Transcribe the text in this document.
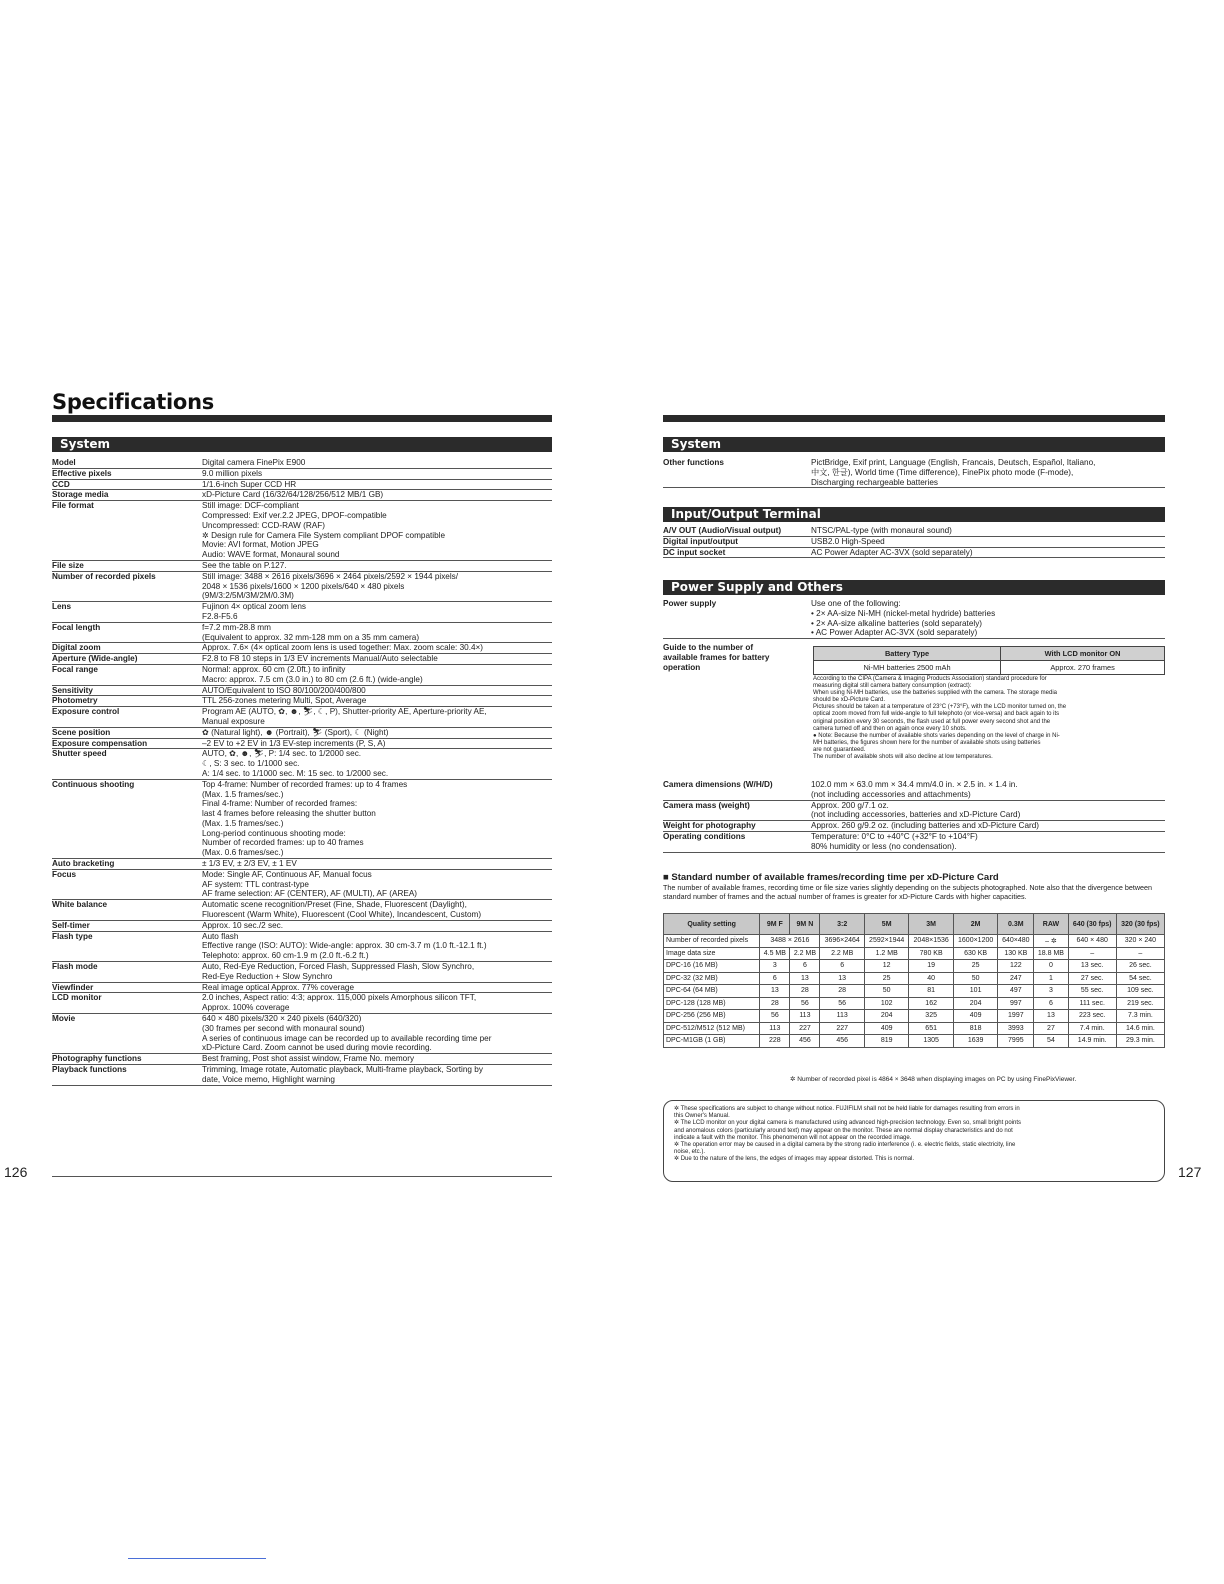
Specifications
System
Model	Digital camera FinePix E900
Effective pixels	9.0 million pixels
CCD	1/1.6-inch Super CCD HR
Storage media	xD-Picture Card (16/32/64/128/256/512 MB/1 GB)
File format	Still image: DCF-compliant
Compressed: Exif ver.2.2 JPEG, DPOF-compatible
Uncompressed: CCD-RAW (RAF)
✲ Design rule for Camera File System compliant DPOF compatible
Movie: AVI format, Motion JPEG
Audio: WAVE format, Monaural sound
File size	See the table on P.127.
Number of recorded pixels	Still image: 3488 × 2616 pixels/3696 × 2464 pixels/2592 × 1944 pixels/
2048 × 1536 pixels/1600 × 1200 pixels/640 × 480 pixels
(9M/3:2/5M/3M/2M/0.3M)
Lens	Fujinon 4× optical zoom lens
F2.8-F5.6
Focal length	f=7.2 mm-28.8 mm
(Equivalent to approx. 32 mm-128 mm on a 35 mm camera)
Digital zoom	Approx. 7.6× (4× optical zoom lens is used together: Max. zoom scale: 30.4×)
Aperture (Wide-angle)	F2.8 to F8 10 steps in 1/3 EV increments Manual/Auto selectable
Focal range	Normal: approx. 60 cm (2.0ft.) to infinity
Macro: approx. 7.5 cm (3.0 in.) to 80 cm (2.6 ft.) (wide-angle)
Sensitivity	AUTO/Equivalent to ISO 80/100/200/400/800
Photometry	TTL 256-zones metering Multi, Spot, Average
Exposure control	Program AE (AUTO, ✿, ☻, ⛷, ☾, P), Shutter-priority AE, Aperture-priority AE,
Manual exposure
Scene position	✿ (Natural light), ☻ (Portrait), ⛷ (Sport), ☾ (Night)
Exposure compensation	–2 EV to +2 EV in 1/3 EV-step increments (P, S, A)
Shutter speed	AUTO, ✿, ☻, ⛷, P: 1/4 sec. to 1/2000 sec.
☾, S: 3 sec. to 1/1000 sec.
A: 1/4 sec. to 1/1000 sec. M: 15 sec. to 1/2000 sec.
Continuous shooting	Top 4-frame: Number of recorded frames: up to 4 frames
(Max. 1.5 frames/sec.)
Final 4-frame: Number of recorded frames:
last 4 frames before releasing the shutter button
(Max. 1.5 frames/sec.)
Long-period continuous shooting mode:
Number of recorded frames: up to 40 frames
(Max. 0.6 frames/sec.)
Auto bracketing	± 1/3 EV, ± 2/3 EV, ± 1 EV
Focus	Mode: Single AF, Continuous AF, Manual focus
AF system: TTL contrast-type
AF frame selection: AF (CENTER), AF (MULTI), AF (AREA)
White balance	Automatic scene recognition/Preset (Fine, Shade, Fluorescent (Daylight),
Fluorescent (Warm White), Fluorescent (Cool White), Incandescent, Custom)
Self-timer	Approx. 10 sec./2 sec.
Flash type	Auto flash
Effective range (ISO: AUTO): Wide-angle: approx. 30 cm-3.7 m (1.0 ft.-12.1 ft.)
Telephoto: approx. 60 cm-1.9 m (2.0 ft.-6.2 ft.)
Flash mode	Auto, Red-Eye Reduction, Forced Flash, Suppressed Flash, Slow Synchro,
Red-Eye Reduction + Slow Synchro
Viewfinder	Real image optical Approx. 77% coverage
LCD monitor	2.0 inches, Aspect ratio: 4:3; approx. 115,000 pixels Amorphous silicon TFT,
Approx. 100% coverage
Movie	640 × 480 pixels/320 × 240 pixels (640/320)
(30 frames per second with monaural sound)
A series of continuous image can be recorded up to available recording time per
xD-Picture Card. Zoom cannot be used during movie recording.
Photography functions	Best framing, Post shot assist window, Frame No. memory
Playback functions	Trimming, Image rotate, Automatic playback, Multi-frame playback, Sorting by
date, Voice memo, Highlight warning
126
System
Other functions	PictBridge, Exif print, Language (English, Francais, Deutsch, Español, Italiano,
中文, 한글), World time (Time difference), FinePix photo mode (F-mode),
Discharging rechargeable batteries
Input/Output Terminal
A/V OUT (Audio/Visual output)	NTSC/PAL-type (with monaural sound)
Digital input/output	USB2.0 High-Speed
DC input socket	AC Power Adapter AC-3VX (sold separately)
Power Supply and Others
Power supply	Use one of the following:
• 2× AA-size Ni-MH (nickel-metal hydride) batteries
• 2× AA-size alkaline batteries (sold separately)
• AC Power Adapter AC-3VX (sold separately)
Guide to the number of
available frames for battery
operation
Battery Type	With LCD monitor ON
Ni-MH batteries 2500 mAh	Approx. 270 frames
According to the CIPA (Camera & Imaging Products Association) standard procedure for
measuring digital still camera battery consumption (extract):
When using Ni-MH batteries, use the batteries supplied with the camera. The storage media
should be xD-Picture Card.
Pictures should be taken at a temperature of 23°C (+73°F), with the LCD monitor turned on, the
optical zoom moved from full wide-angle to full telephoto (or vice-versa) and back again to its
original position every 30 seconds, the flash used at full power every second shot and the
camera turned off and then on again once every 10 shots.
● Note: Because the number of available shots varies depending on the level of charge in Ni-
MH batteries, the figures shown here for the number of available shots using batteries
are not guaranteed.
The number of available shots will also decline at low temperatures.
Camera dimensions (W/H/D)	102.0 mm × 63.0 mm × 34.4 mm/4.0 in. × 2.5 in. × 1.4 in.
(not including accessories and attachments)
Camera mass (weight)	Approx. 200 g/7.1 oz.
(not including accessories, batteries and xD-Picture Card)
Weight for photography	Approx. 260 g/9.2 oz. (including batteries and xD-Picture Card)
Operating conditions	Temperature: 0°C to +40°C (+32°F to +104°F)
80% humidity or less (no condensation).
■ Standard number of available frames/recording time per xD-Picture Card
The number of available frames, recording time or file size varies slightly depending on the subjects photographed. Note also that the divergence between standard number of frames and the actual number of frames is greater for xD-Picture Cards with higher capacities.
Quality setting	9M F	9M N	3:2	5M	3M	2M	0.3M	RAW	640 (30 fps)	320 (30 fps)
Number of recorded pixels	3488 × 2616		3696×2464	2592×1944	2048×1536	1600×1200	640×480	– ✲	640 × 480	320 × 240
Image data size	4.5 MB	2.2 MB	2.2 MB	1.2 MB	780 KB	630 KB	130 KB	18.8 MB	–	–
DPC-16 (16 MB)	3	6	6	12	19	25	122	0	13 sec.	26 sec.
DPC-32 (32 MB)	6	13	13	25	40	50	247	1	27 sec.	54 sec.
DPC-64 (64 MB)	13	28	28	50	81	101	497	3	55 sec.	109 sec.
DPC-128 (128 MB)	28	56	56	102	162	204	997	6	111 sec.	219 sec.
DPC-256 (256 MB)	56	113	113	204	325	409	1997	13	223 sec.	7.3 min.
DPC-512/M512 (512 MB)	113	227	227	409	651	818	3993	27	7.4 min.	14.6 min.
DPC-M1GB (1 GB)	228	456	456	819	1305	1639	7995	54	14.9 min.	29.3 min.
✲ Number of recorded pixel is 4864 × 3648 when displaying images on PC by using FinePixViewer.
✲ These specifications are subject to change without notice. FUJIFILM shall not be held liable for damages resulting from errors in
this Owner's Manual.
✲ The LCD monitor on your digital camera is manufactured using advanced high-precision technology. Even so, small bright points
and anomalous colors (particularly around text) may appear on the monitor. These are normal display characteristics and do not
indicate a fault with the monitor. This phenomenon will not appear on the recorded image.
✲ The operation error may be caused in a digital camera by the strong radio interference (i. e. electric fields, static electricity, line
noise, etc.).
✲ Due to the nature of the lens, the edges of images may appear distorted. This is normal.
127
